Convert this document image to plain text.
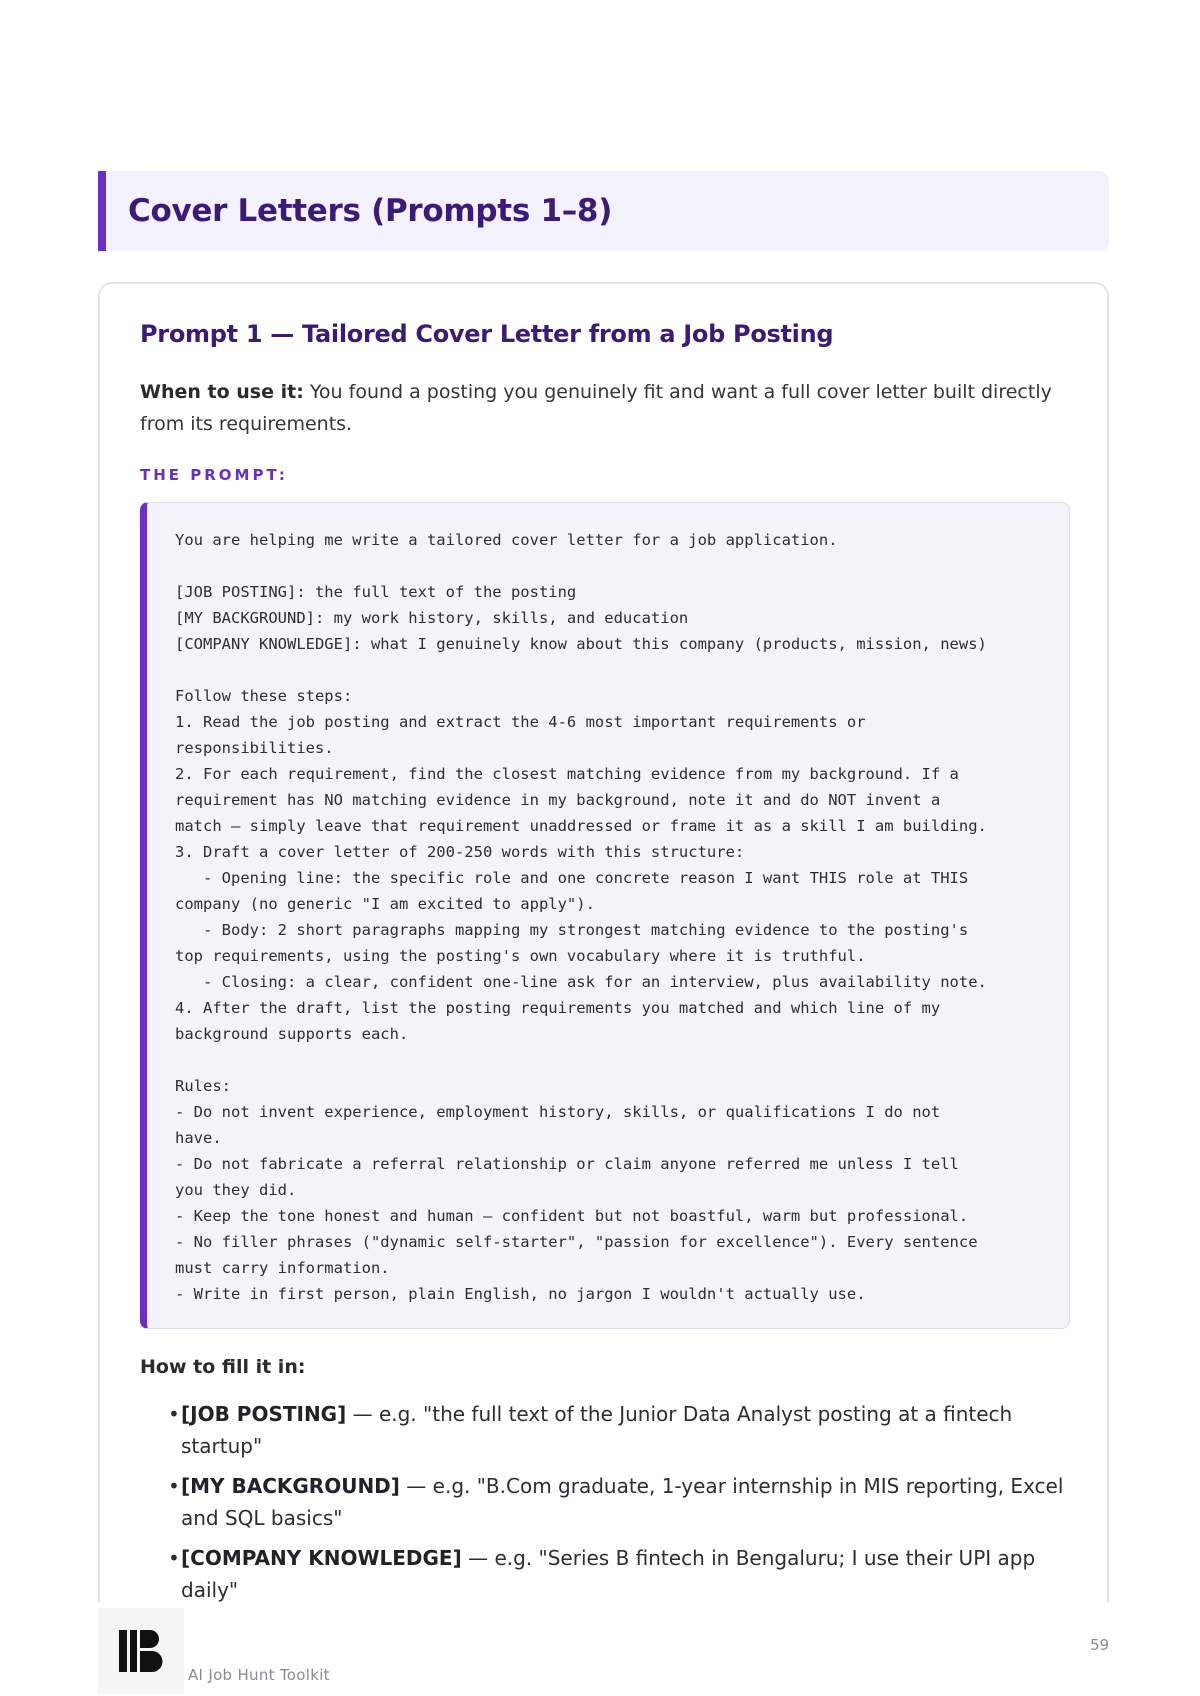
Cover Letters (Prompts 1–8)
Prompt 1 — Tailored Cover Letter from a Job Posting

When to use it: You found a posting you genuinely fit and want a full cover letter built directly from its requirements.

THE PROMPT:
You are helping me write a tailored cover letter for a job application.

[JOB POSTING]: the full text of the posting
[MY BACKGROUND]: my work history, skills, and education
[COMPANY KNOWLEDGE]: what I genuinely know about this company (products, mission, news)

Follow these steps:
1. Read the job posting and extract the 4-6 most important requirements or
responsibilities.
2. For each requirement, find the closest matching evidence from my background. If a
requirement has NO matching evidence in my background, note it and do NOT invent a
match — simply leave that requirement unaddressed or frame it as a skill I am building.
3. Draft a cover letter of 200-250 words with this structure:
- Opening line: the specific role and one concrete reason I want THIS role at THIS
company (no generic "I am excited to apply").
- Body: 2 short paragraphs mapping my strongest matching evidence to the posting's
top requirements, using the posting's own vocabulary where it is truthful.
- Closing: a clear, confident one-line ask for an interview, plus availability note.
4. After the draft, list the posting requirements you matched and which line of my
background supports each.

Rules:
- Do not invent experience, employment history, skills, or qualifications I do not
have.
- Do not fabricate a referral relationship or claim anyone referred me unless I tell
you they did.
- Keep the tone honest and human — confident but not boastful, warm but professional.
- No filler phrases ("dynamic self-starter", "passion for excellence"). Every sentence
must carry information.
- Write in first person, plain English, no jargon I wouldn't actually use.
How to fill it in:
• [JOB POSTING] — e.g. "the full text of the Junior Data Analyst posting at a fintech startup"
• [MY BACKGROUND] — e.g. "B.Com graduate, 1-year internship in MIS reporting, Excel and SQL basics"
• [COMPANY KNOWLEDGE] — e.g. "Series B fintech in Bengaluru; I use their UPI app daily"
AI Job Hunt Toolkit
59
